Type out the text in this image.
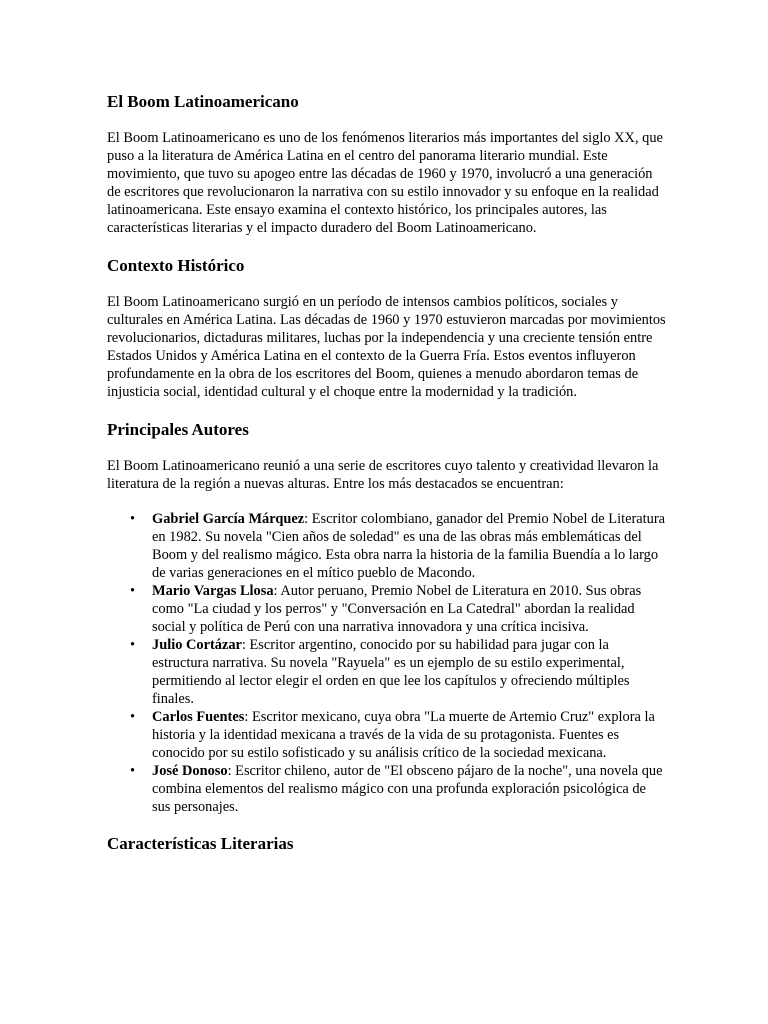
El Boom Latinoamericano

El Boom Latinoamericano es uno de los fenómenos literarios más importantes del siglo XX, que puso a la literatura de América Latina en el centro del panorama literario mundial. Este movimiento, que tuvo su apogeo entre las décadas de 1960 y 1970, involucró a una generación de escritores que revolucionaron la narrativa con su estilo innovador y su enfoque en la realidad latinoamericana. Este ensayo examina el contexto histórico, los principales autores, las características literarias y el impacto duradero del Boom Latinoamericano.

Contexto Histórico

El Boom Latinoamericano surgió en un período de intensos cambios políticos, sociales y culturales en América Latina. Las décadas de 1960 y 1970 estuvieron marcadas por movimientos revolucionarios, dictaduras militares, luchas por la independencia y una creciente tensión entre Estados Unidos y América Latina en el contexto de la Guerra Fría. Estos eventos influyeron profundamente en la obra de los escritores del Boom, quienes a menudo abordaron temas de injusticia social, identidad cultural y el choque entre la modernidad y la tradición.

Principales Autores

El Boom Latinoamericano reunió a una serie de escritores cuyo talento y creatividad llevaron la literatura de la región a nuevas alturas. Entre los más destacados se encuentran:

• Gabriel García Márquez: Escritor colombiano, ganador del Premio Nobel de Literatura en 1982. Su novela "Cien años de soledad" es una de las obras más emblemáticas del Boom y del realismo mágico. Esta obra narra la historia de la familia Buendía a lo largo de varias generaciones en el mítico pueblo de Macondo.
• Mario Vargas Llosa: Autor peruano, Premio Nobel de Literatura en 2010. Sus obras como "La ciudad y los perros" y "Conversación en La Catedral" abordan la realidad social y política de Perú con una narrativa innovadora y una crítica incisiva.
• Julio Cortázar: Escritor argentino, conocido por su habilidad para jugar con la estructura narrativa. Su novela "Rayuela" es un ejemplo de su estilo experimental, permitiendo al lector elegir el orden en que lee los capítulos y ofreciendo múltiples finales.
• Carlos Fuentes: Escritor mexicano, cuya obra "La muerte de Artemio Cruz" explora la historia y la identidad mexicana a través de la vida de su protagonista. Fuentes es conocido por su estilo sofisticado y su análisis crítico de la sociedad mexicana.
• José Donoso: Escritor chileno, autor de "El obsceno pájaro de la noche", una novela que combina elementos del realismo mágico con una profunda exploración psicológica de sus personajes.
Características Literarias
